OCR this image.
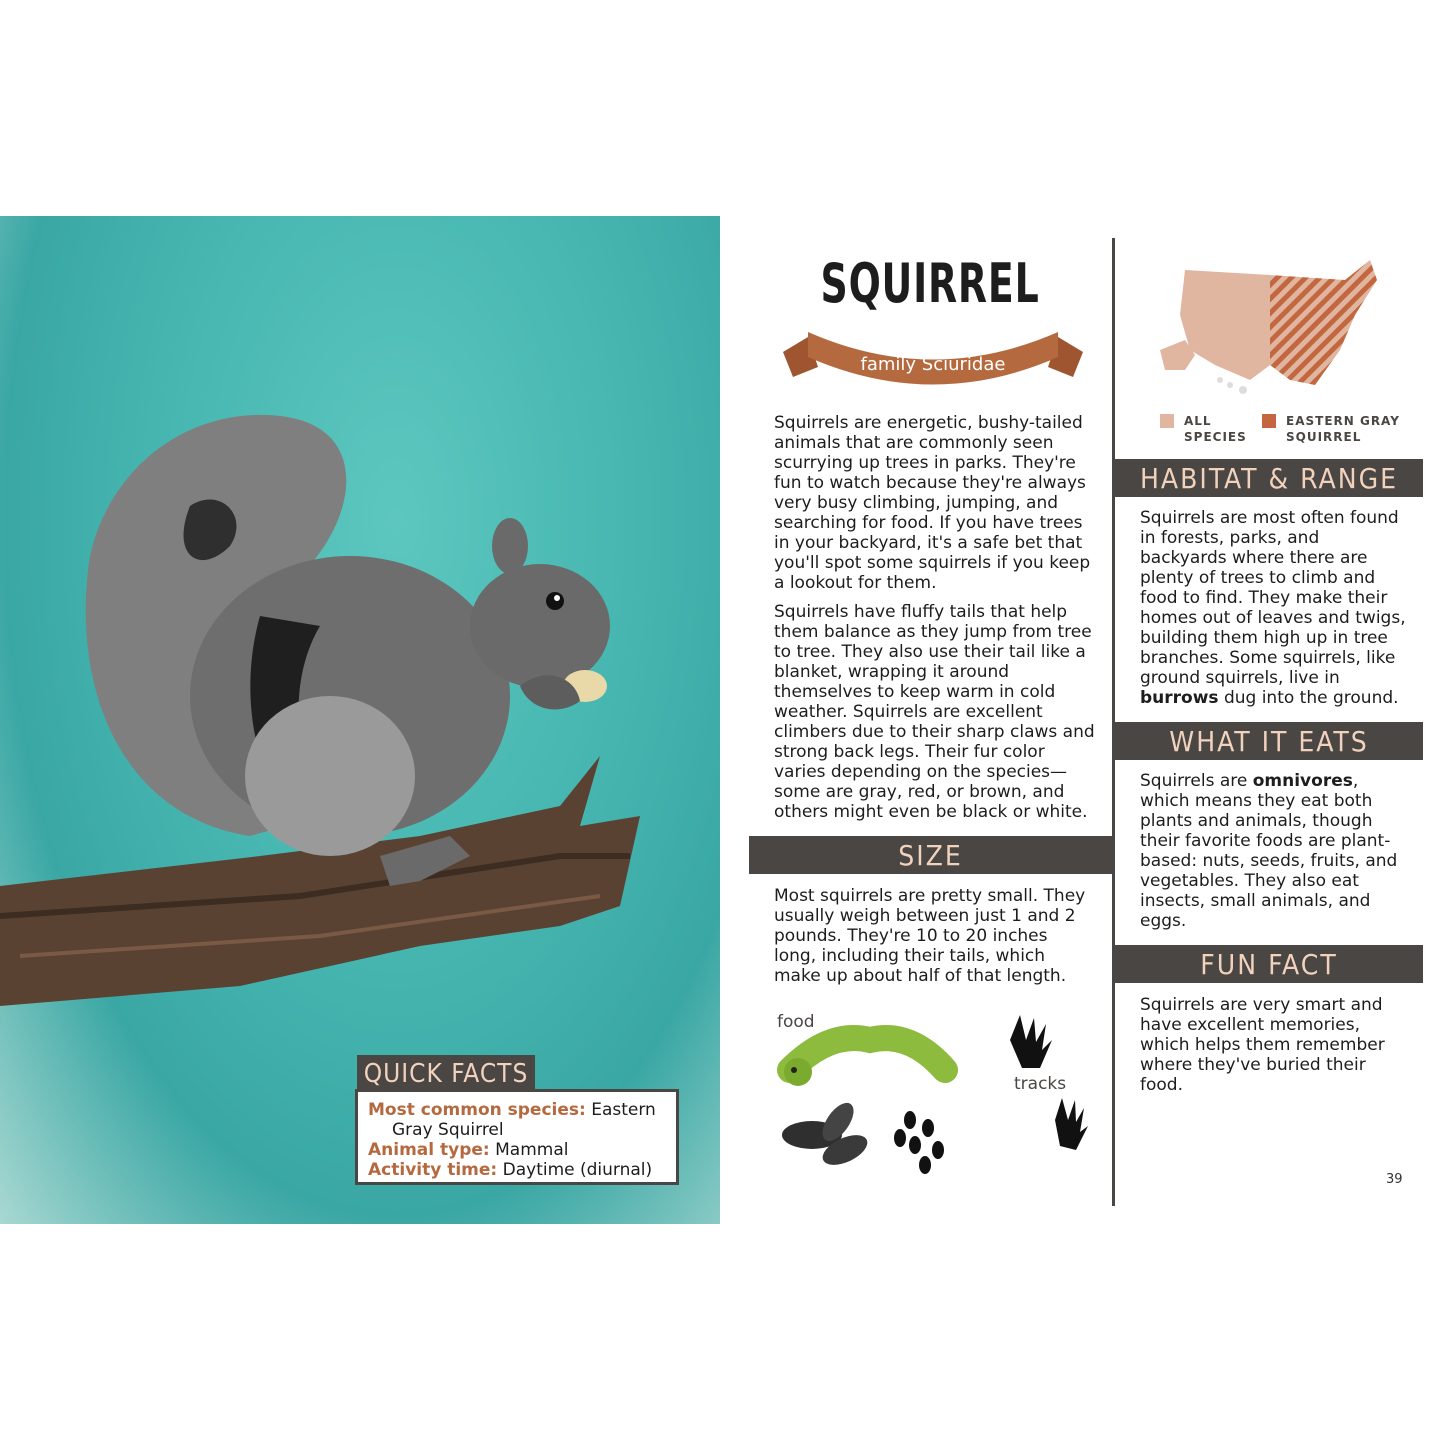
QUICK FACTS
Most common species: Eastern
Gray Squirrel
Animal type: Mammal
Activity time: Daytime (diurnal)
SQUIRREL
family Sciuridae

Squirrels are energetic, bushy-tailed animals that are commonly seen scurrying up trees in parks. They're fun to watch because they're always very busy climbing, jumping, and searching for food. If you have trees in your backyard, it's a safe bet that you'll spot some squirrels if you keep a lookout for them.

Squirrels have fluffy tails that help them balance as they jump from tree to tree. They also use their tail like a blanket, wrapping it around themselves to keep warm in cold weather. Squirrels are excellent climbers due to their sharp claws and strong back legs. Their fur color varies depending on the species—some are gray, red, or brown, and others might even be black or white.

SIZE
Most squirrels are pretty small. They usually weigh between just 1 and 2 pounds. They're 10 to 20 inches long, including their tails, which make up about half of that length.
food
tracks
ALL
SPECIES
EASTERN GRAY
SQUIRREL
HABITAT & RANGE
Squirrels are most often found in forests, parks, and backyards where there are plenty of trees to climb and food to find. They make their homes out of leaves and twigs, building them high up in tree branches. Some squirrels, like ground squirrels, live in burrows dug into the ground.
WHAT IT EATS
Squirrels are omnivores, which means they eat both plants and animals, though their favorite foods are plant-based: nuts, seeds, fruits, and vegetables. They also eat insects, small animals, and eggs.
FUN FACT
Squirrels are very smart and have excellent memories, which helps them remember where they've buried their food.
39
